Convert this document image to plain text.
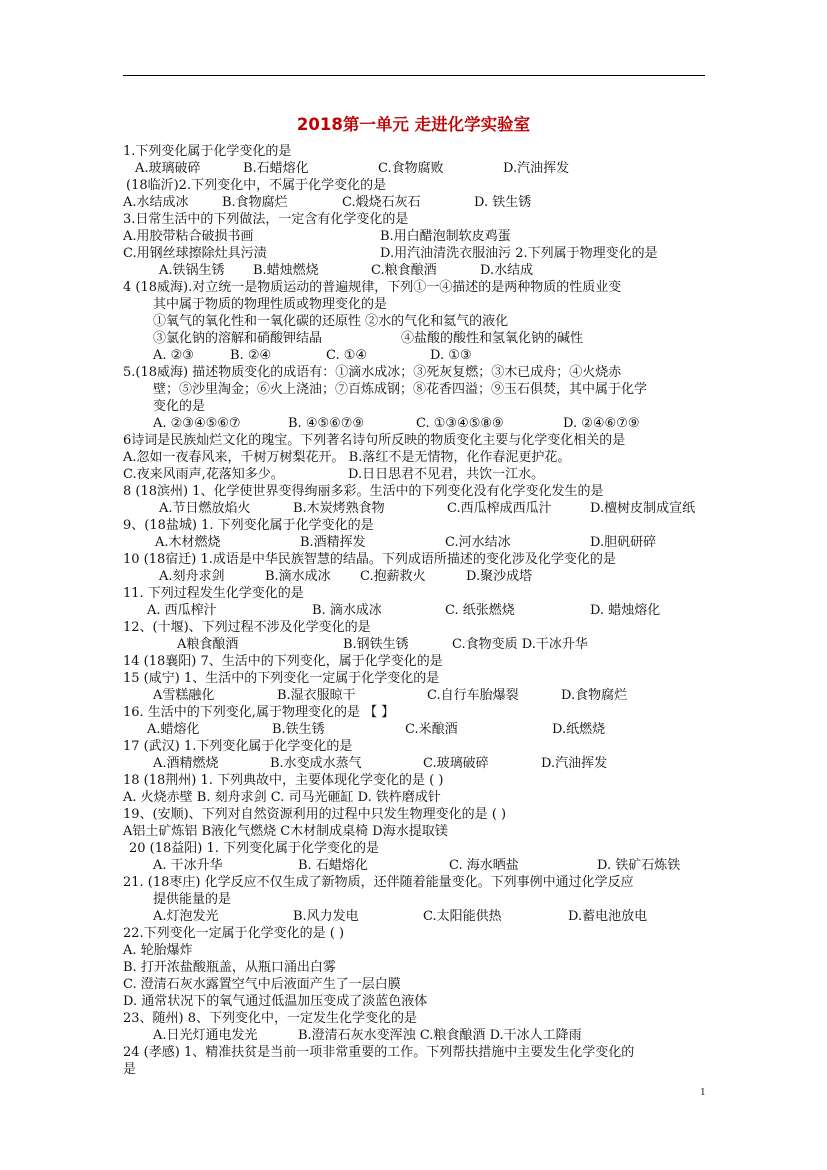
2018第一单元 走进化学实验室
1.下列变化属于化学变化的是
A.玻璃破碎	B.石蜡熔化	C.食物腐败	D.汽油挥发
(18临沂)2.下列变化中，不属于化学变化的是
A.水结成冰	B.食物腐烂	C.煅烧石灰石	D. 铁生锈
3.日常生活中的下列做法，一定含有化学变化的是
A.用胶带粘合破损书画	B.用白醋泡制软皮鸡蛋
C.用钢丝球擦除灶具污渍	D.用汽油清洗衣服油污 2.下列属于物理变化的是
A.铁锅生锈 B.蜡烛燃烧	C.粮食酿酒	D.水结成
4 (18威海).对立统一是物质运动的普遍规律，下列①一④描述的是两种物质的性质业变
其中属于物质的物理性质或物理变化的是
①氧气的氧化性和一氧化碳的还原性 ②水的气化和氦气的液化
③氯化钠的溶解和硝酸钾结晶	④盐酸的酸性和氢氧化钠的碱性
A. ②③	B. ②④	C. ①④	D. ①③
5.(18威海) 描述物质变化的成语有：①滴水成冰；③死灰复燃；③木已成舟；④火烧赤
壁；⑤沙里淘金；⑥火上浇油；⑦百炼成钢；⑧花香四溢；⑨玉石俱焚，其中属于化学
变化的是
A. ②③④⑤⑥⑦	B. ④⑤⑥⑦⑨	C. ①③④⑤⑧⑨	D. ②④⑥⑦⑨
6诗词是民族灿烂文化的瑰宝。下列著名诗句所反映的物质变化主要与化学变化相关的是
A.忽如一夜春风来，千树万树梨花开。 B.落红不是无情物，化作春泥更护花。
C.夜来风雨声,花落知多少。	D.日日思君不见君，共饮一江水。
8 (18滨州) 1、化学使世界变得绚丽多彩。生活中的下列变化没有化学变化发生的是
A.节日燃放焰火	B.木炭烤熟食物	C.西瓜榨成西瓜汁	D.檀树皮制成宣纸
9、(18盐城) 1. 下列变化属于化学变化的是
A.木材燃烧	B.酒精挥发	C.河水结冰	D.胆矾研碎
10 (18宿迁) 1.成语是中华民族智慧的结晶。下列成语所描述的变化涉及化学变化的是
A.刻舟求剑	B.滴水成冰 C.抱薪救火	D.聚沙成塔
11. 下列过程发生化学变化的是
A. 西瓜榨汁	B. 滴水成冰	C. 纸张燃烧	D. 蜡烛熔化
12、(十堰)、下列过程不涉及化学变化的是
A粮食酿酒	B.钢铁生锈	C.食物变质 D.干冰升华
14 (18襄阳) 7、生活中的下列变化，属于化学变化的是
15 (咸宁) 1、生活中的下列变化一定属于化学变化的是
A雪糕融化	B.湿衣服晾干	C.自行车胎爆裂	D.食物腐烂
16. 生活中的下列变化,属于物理变化的是 【 】
A.蜡熔化	B.铁生锈	C.米酿酒	D.纸燃烧
17 (武汉) 1.下列变化属于化学变化的是
A.酒精燃烧	B.水变成水蒸气	C.玻璃破碎	D.汽油挥发
18 (18荆州) 1. 下列典故中，主要体现化学变化的是 ( )
A. 火烧赤壁 B. 刻舟求剑 C. 司马光砸缸 D. 铁杵磨成针
19、(安顺)、下列对自然资源利用的过程中只发生物理变化的是 ( )
A铝土矿炼铝 B液化气燃烧 C木材制成桌椅 D海水提取镁
20 (18益阳) 1. 下列变化属于化学变化的是
A. 干冰升华	B. 石蜡熔化	C. 海水晒盐	D. 铁矿石炼铁
21. (18枣庄) 化学反应不仅生成了新物质，还伴随着能量变化。下列事例中通过化学反应
提供能量的是
A.灯泡发光	B.风力发电	C.太阳能供热	D.蓄电池放电
22.下列变化一定属于化学变化的是 ( )
A. 轮胎爆炸
B. 打开浓盐酸瓶盖，从瓶口涌出白雾
C. 澄清石灰水露置空气中后液面产生了一层白膜
D. 通常状况下的氧气通过低温加压变成了淡蓝色液体
23、随州) 8、下列变化中，一定发生化学变化的是
A.日光灯通电发光	B.澄清石灰水变浑浊 C.粮食酿酒 D.干冰人工降雨
24 (孝感) 1、精准扶贫是当前一项非常重要的工作。下列帮扶措施中主要发生化学变化的
是
1
